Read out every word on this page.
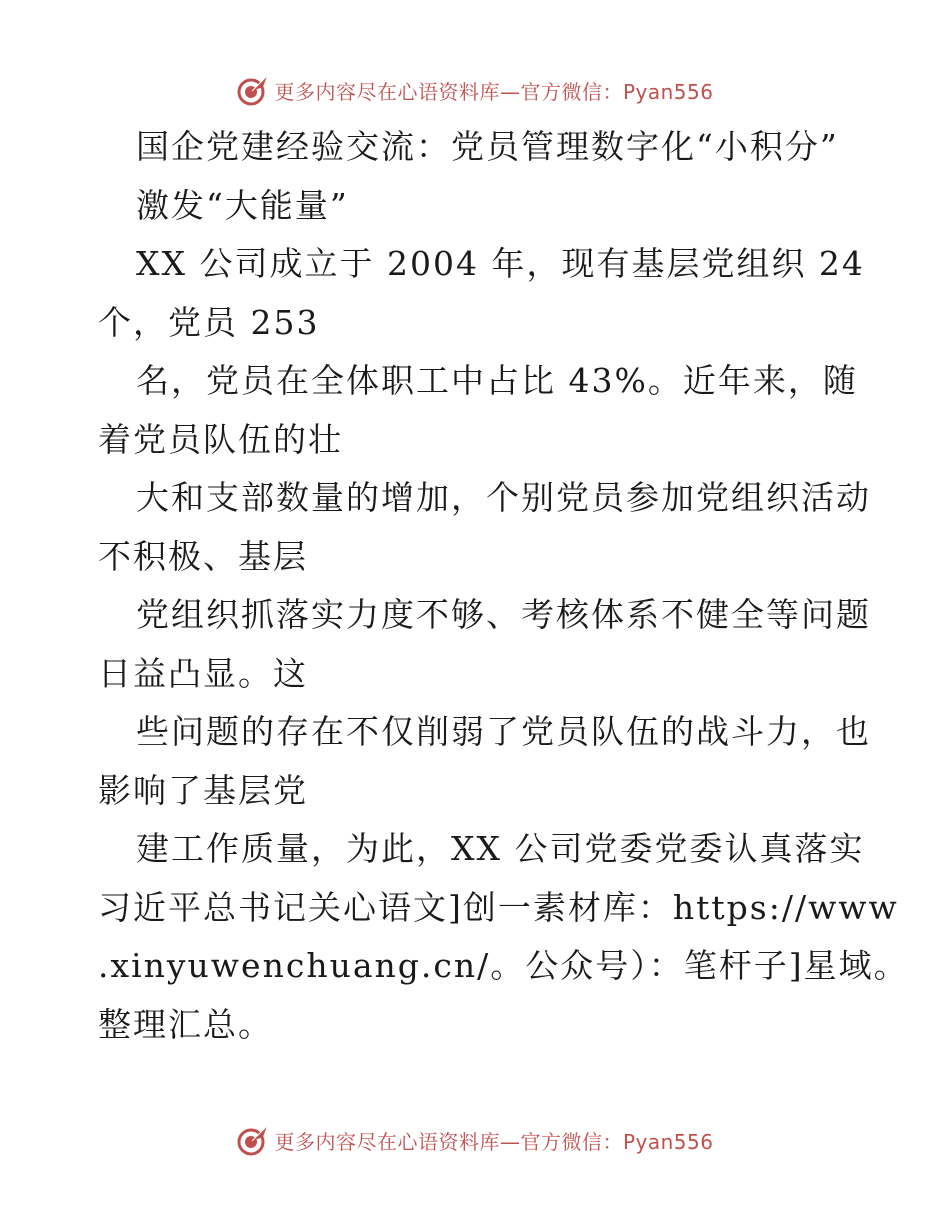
更多内容尽在心语资料库—官方微信：Pyan556
国企党建经验交流：党员管理数字化“小积分”
激发“大能量”
XX 公司成立于 2004 年，现有基层党组织 24
个，党员 253
名，党员在全体职工中占比 43%。近年来，随
着党员队伍的壮
大和支部数量的增加，个别党员参加党组织活动
不积极、基层
党组织抓落实力度不够、考核体系不健全等问题
日益凸显。这
些问题的存在不仅削弱了党员队伍的战斗力，也
影响了基层党
建工作质量，为此，XX 公司党委党委认真落实
习近平总书记关心语文]创一素材库：https://www
.xinyuwenchuang.cn/。公众号）：笔杆子]星域。
整理汇总。
更多内容尽在心语资料库—官方微信：Pyan556
